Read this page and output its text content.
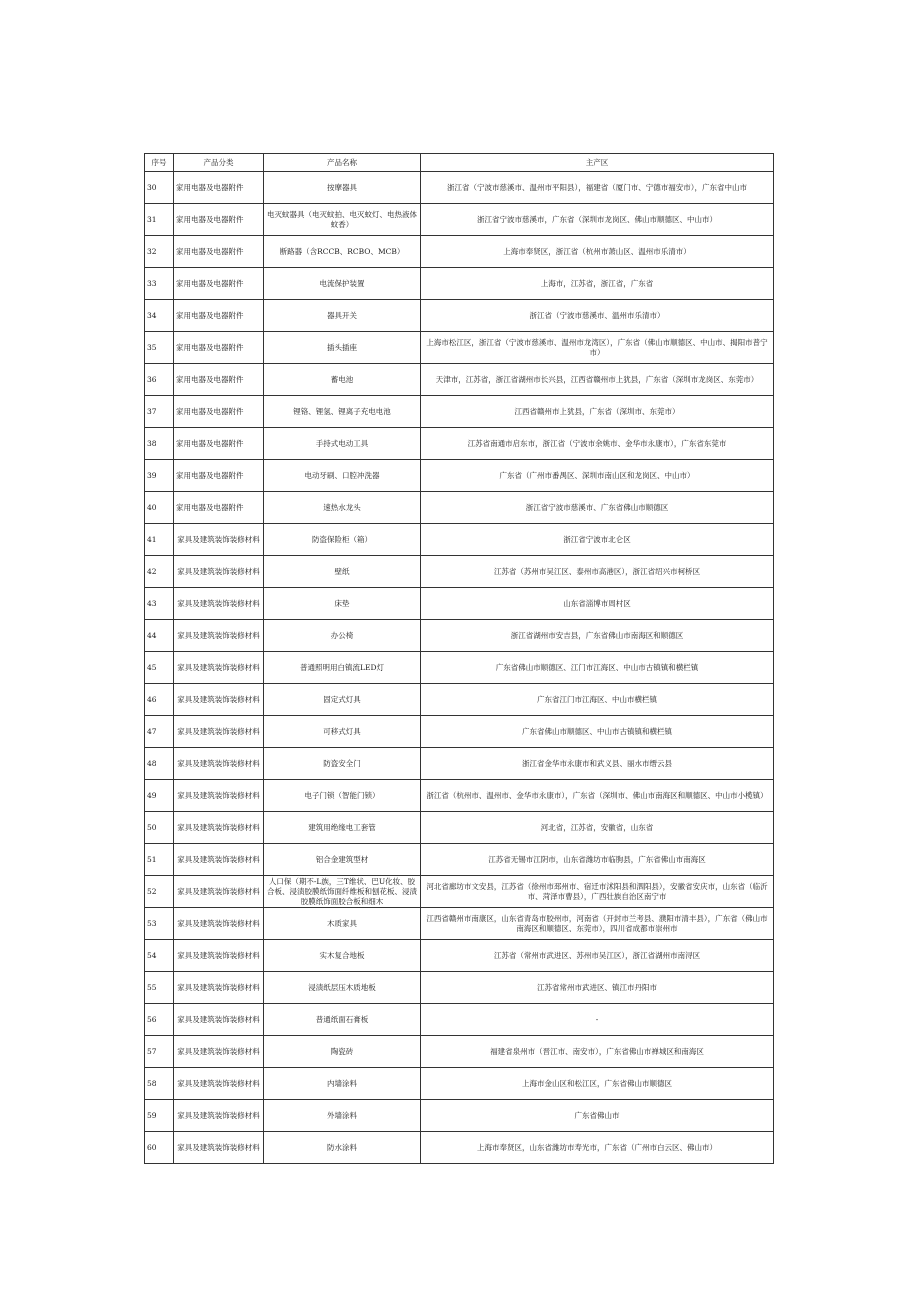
序号	产品分类	产品名称	主产区
30	家用电器及电器附件	按摩器具	浙江省（宁波市慈溪市、温州市平阳县），福建省（厦门市、宁德市福安市），广东省中山市
31	家用电器及电器附件	电灭蚊器具（电灭蚊拍、电灭蚊灯、电热液体蚊香）	浙江省宁波市慈溪市，广东省（深圳市龙岗区、佛山市顺德区、中山市）
32	家用电器及电器附件	断路器（含RCCB、RCBO、MCB）	上海市奉贤区，浙江省（杭州市萧山区、温州市乐清市）
33	家用电器及电器附件	电流保护装置	上海市，江苏省，浙江省，广东省
34	家用电器及电器附件	器具开关	浙江省（宁波市慈溪市、温州市乐清市）
35	家用电器及电器附件	插头插座	上海市松江区，浙江省（宁波市慈溪市、温州市龙湾区），广东省（佛山市顺德区、中山市、揭阳市普宁市）
36	家用电器及电器附件	蓄电池	天津市，江苏省，浙江省湖州市长兴县，江西省赣州市上犹县，广东省（深圳市龙岗区、东莞市）
37	家用电器及电器附件	锂铬、锂氢、锂离子充电电池	江西省赣州市上犹县，广东省（深圳市、东莞市）
38	家用电器及电器附件	手持式电动工具	江苏省南通市启东市，浙江省（宁波市余姚市、金华市永康市），广东省东莞市
39	家用电器及电器附件	电动牙刷、口腔冲洗器	广东省（广州市番禺区、深圳市南山区和龙岗区、中山市）
40	家用电器及电器附件	速热水龙头	浙江省宁波市慈溪市、广东省佛山市顺德区
41	家具及建筑装饰装修材料	防盗保险柜（箱）	浙江省宁波市北仑区
42	家具及建筑装饰装修材料	壁纸	江苏省（苏州市吴江区、泰州市高港区），浙江省绍兴市柯桥区
43	家具及建筑装饰装修材料	床垫	山东省淄博市周村区
44	家具及建筑装饰装修材料	办公椅	浙江省湖州市安吉县，广东省佛山市南海区和顺德区
45	家具及建筑装饰装修材料	普通照明用白镇流LED灯	广东省佛山市顺德区、江门市江海区、中山市古镇镇和横栏镇
46	家具及建筑装饰装修材料	固定式灯具	广东省江门市江海区、中山市横栏镇
47	家具及建筑装饰装修材料	可移式灯具	广东省佛山市顺德区、中山市古镇镇和横栏镇
48	家具及建筑装饰装修材料	防盗安全门	浙江省金华市永康市和武义县、丽水市缙云县
49	家具及建筑装饰装修材料	电子门锁（智能门锁）	浙江省（杭州市、温州市、金华市永康市），广东省（深圳市、佛山市南海区和顺德区、中山市小榄镇）
50	家具及建筑装饰装修材料	建筑用绝缘电工套管	河北省，江苏省，安徽省，山东省
51	家具及建筑装饰装修材料	铝合金建筑型材	江苏省无锡市江阴市，山东省潍坊市临朐县，广东省佛山市南海区
52	家具及建筑装饰装修材料	人口保（期不-L族，三T维状、巴U化妆、胶合板、浸渍胶膜纸饰面纤维板和刨花板、浸渍胶膜纸饰面胶合板和细木	河北省廊坊市文安县，江苏省（徐州市邳州市、宿迁市沭阳县和泗阳县），安徽省安庆市，山东省（临沂市、菏泽市曹县），广西壮族自治区南宁市
53	家具及建筑装饰装修材料	木质家具	江西省赣州市南康区，山东省青岛市胶州市，河南省（开封市兰考县、濮阳市清丰县），广东省（佛山市南海区和顺德区、东莞市），四川省成都市崇州市
54	家具及建筑装饰装修材料	实木复合地板	江苏省（常州市武进区、苏州市吴江区），浙江省湖州市南浔区
55	家具及建筑装饰装修材料	浸渍纸层压木质地板	江苏省常州市武进区、镇江市丹阳市
56	家具及建筑装饰装修材料	普通纸面石膏板	-
57	家具及建筑装饰装修材料	陶瓷砖	福建省泉州市（晋江市、南安市），广东省佛山市禅城区和南海区
58	家具及建筑装饰装修材料	内墙涂料	上海市金山区和松江区，广东省佛山市顺德区
59	家具及建筑装饰装修材料	外墙涂料	广东省佛山市
60	家具及建筑装饰装修材料	防水涂料	上海市奉贤区，山东省潍坊市寿光市，广东省（广州市白云区、佛山市）
